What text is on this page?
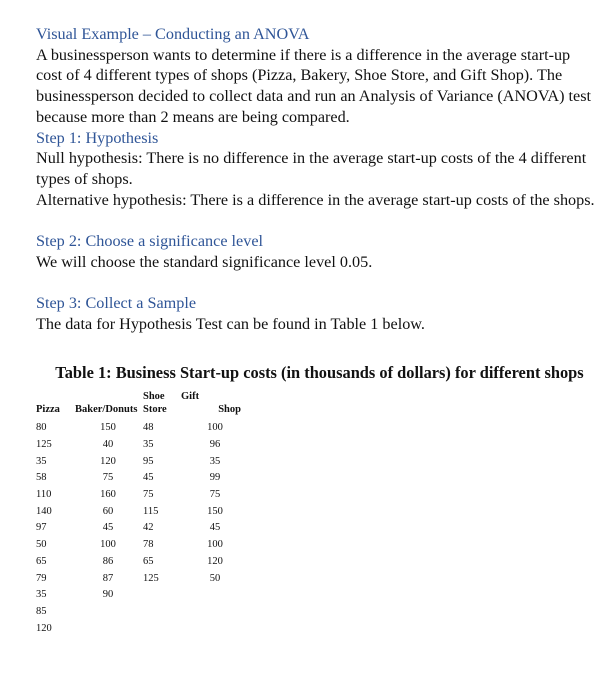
Visual Example – Conducting an ANOVA
A businessperson wants to determine if there is a difference in the average start-up cost of 4 different types of shops (Pizza, Bakery, Shoe Store, and Gift Shop). The businessperson decided to collect data and run an Analysis of Variance (ANOVA) test because more than 2 means are being compared.
Step 1: Hypothesis
Null hypothesis: There is no difference in the average start-up costs of the 4 different types of shops.
Alternative hypothesis: There is a difference in the average start-up costs of the shops.
Step 2: Choose a significance level
We will choose the standard significance level 0.05.
Step 3: Collect a Sample
The data for Hypothesis Test can be found in Table 1 below.
Table 1: Business Start-up costs (in thousands of dollars) for different shops
Pizza	Baker/Donuts	Shoe Store	Gift
Shop

80	150	48	100
125	40	35	96
35	120	95	35
58	75	45	99
110	160	75	75
140	60	115	150
97	45	42	45
50	100	78	100
65	86	65	120
79	87	125	50
35	90		
85			
120			
